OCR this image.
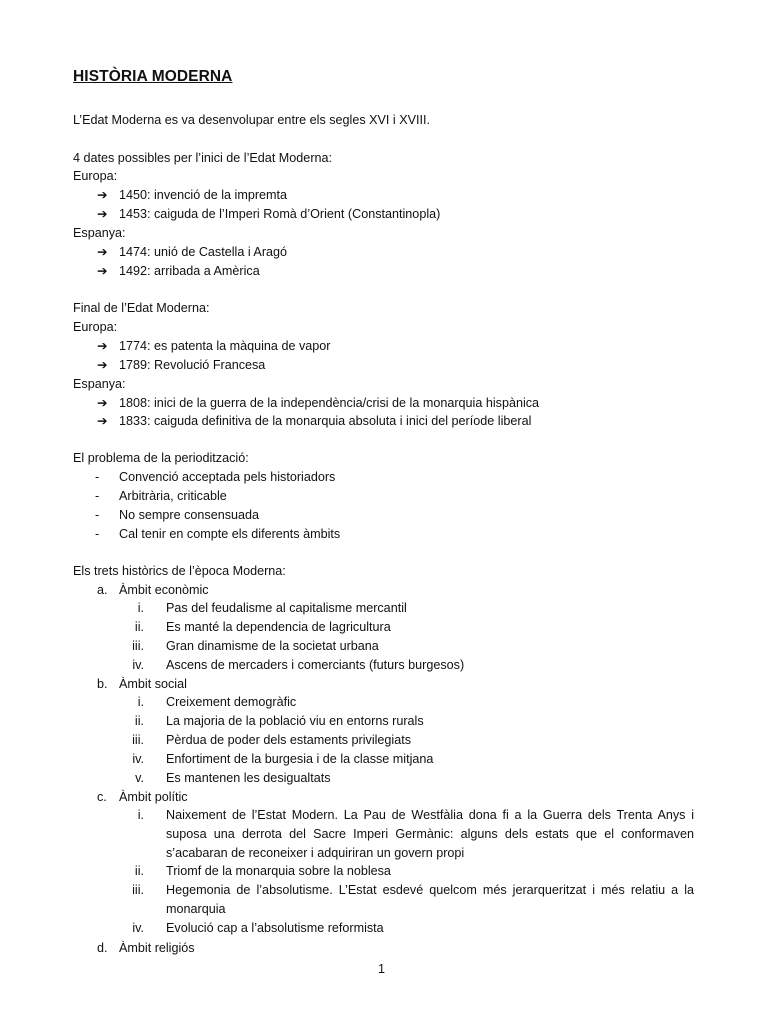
HISTÒRIA MODERNA
L’Edat Moderna es va desenvolupar entre els segles XVI i XVIII.
4 dates possibles per l’inici de l’Edat Moderna:
Europa:
➔ 1450: invenció de la impremta
➔ 1453: caiguda de l’Imperi Romà d’Orient (Constantinopla)
Espanya:
➔ 1474: unió de Castella i Aragó
➔ 1492: arribada a Amèrica
Final de l’Edat Moderna:
Europa:
➔ 1774: es patenta la màquina de vapor
➔ 1789: Revolució Francesa
Espanya:
➔ 1808: inici de la guerra de la independència/crisi de la monarquia hispànica
➔ 1833: caiguda definitiva de la monarquia absoluta i inici del període liberal
El problema de la periodització:
- Convenció acceptada pels historiadors
- Arbitrària, criticable
- No sempre consensuada
- Cal tenir en compte els diferents àmbits
Els trets històrics de l’època Moderna:
a. Àmbit econòmic
i. Pas del feudalisme al capitalisme mercantil
ii. Es manté la dependencia de lagricultura
iii. Gran dinamisme de la societat urbana
iv. Ascens de mercaders i comerciants (futurs burgesos)
b. Àmbit social
i. Creixement demogràfic
ii. La majoria de la població viu en entorns rurals
iii. Pèrdua de poder dels estaments privilegiats
iv. Enfortiment de la burgesia i de la classe mitjana
v. Es mantenen les desigualtats
c. Àmbit polític
i. Naixement de l’Estat Modern. La Pau de Westfàlia dona fi a la Guerra dels Trenta Anys i suposa una derrota del Sacre Imperi Germànic: alguns dels estats que el conformaven s’acabaran de reconeixer i adquiriran un govern propi
ii. Triomf de la monarquia sobre la noblesa
iii. Hegemonia de l’absolutisme. L’Estat esdevé quelcom més jerarqueritzat i més relatiu a la monarquia
iv. Evolució cap a l’absolutisme reformista
d. Àmbit religiós
1
